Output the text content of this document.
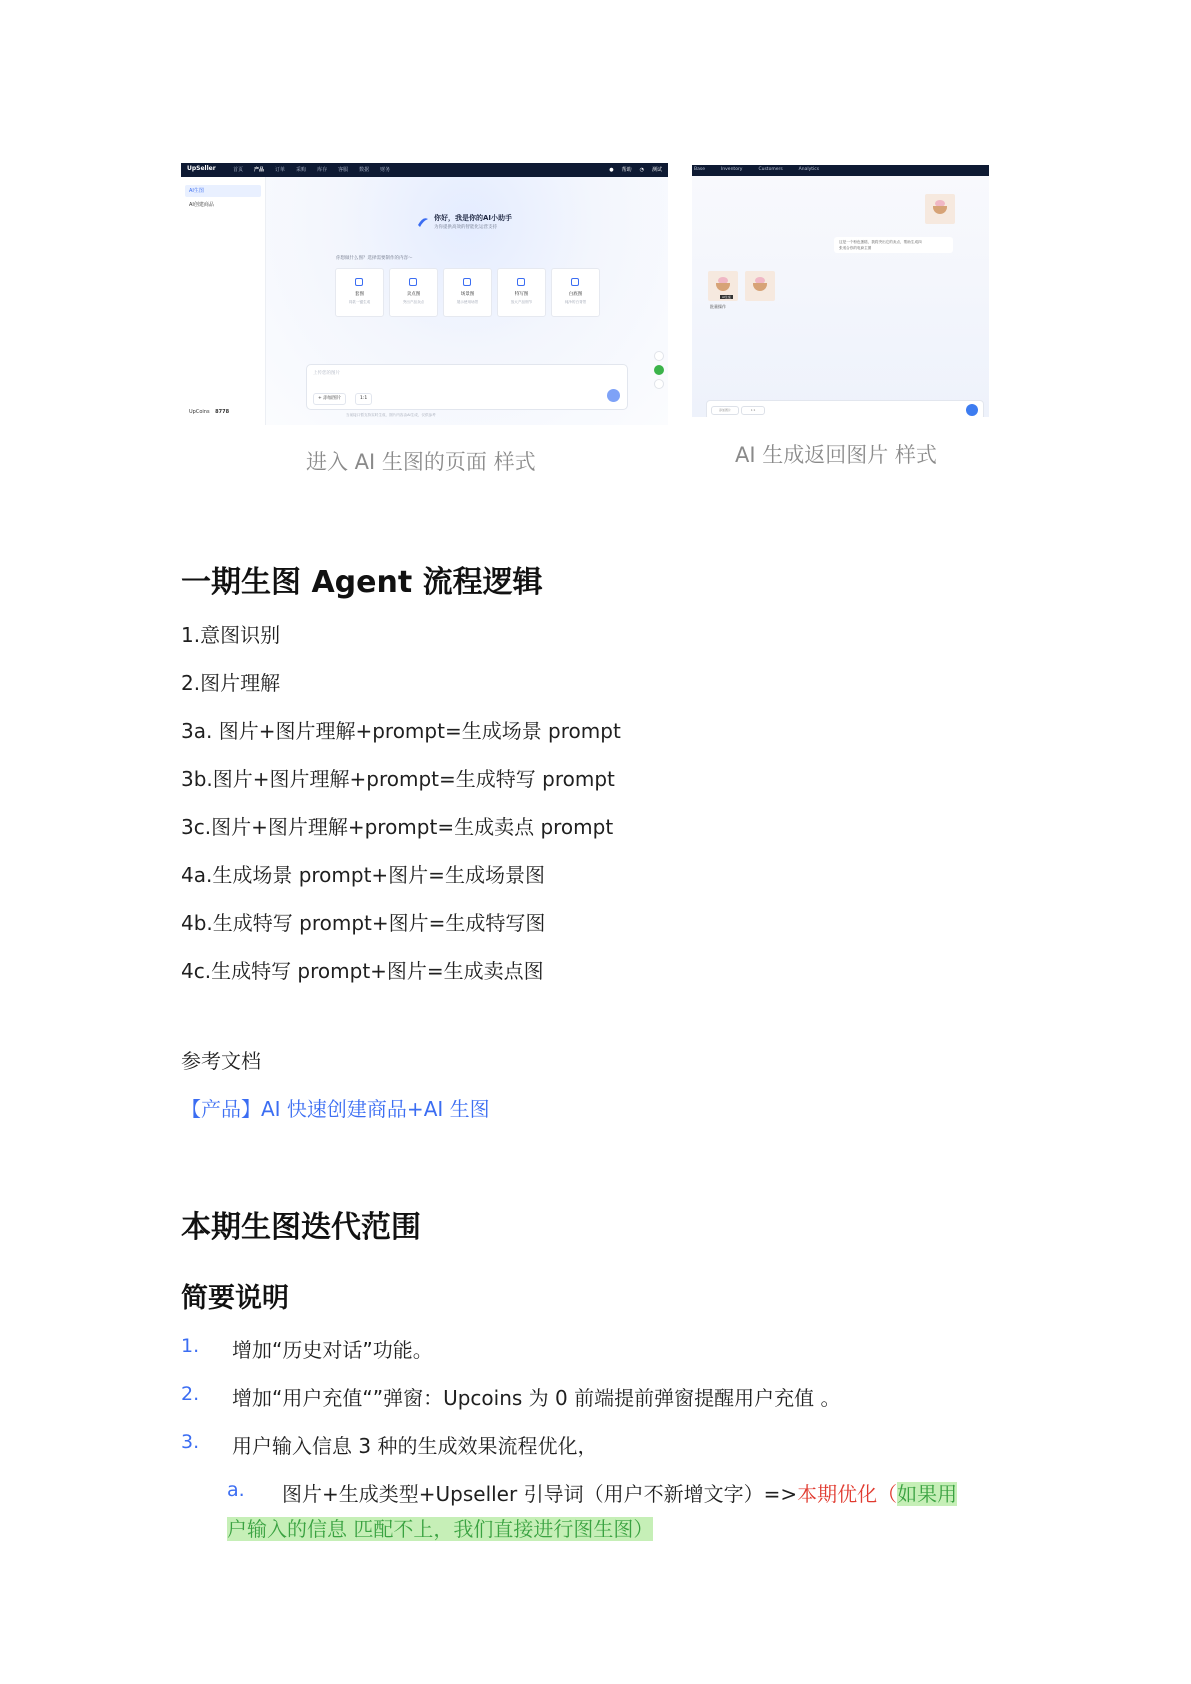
UpSeller	首页 产品 订单 采购 库存 客服 数据 财务	● 帮助 ◔ 测试
AI生图
AI创建商品
UpCoins 8778
你好，我是你的AI小助手
为你提供高效的智能化运营支持
你想做什么图？选择需要制作的内容～
套图
同款一键生成
卖点图
突出产品卖点
场景图
展示使用场景
特写图
放大产品细节
白底图
纯净的白背景
上传您的图片
+ 添加图片	1:1
当前接口暂支持实时生成，图片内容由AI生成，仅供参考
Base	Inventory	Customers	Analytics
这是一个粉色蛋糕，我将突出它的卖点，帮助生成四
张适合你的电商主图
AI生成
批量操作
添加图片	1:1
进入 AI 生图的页面 样式	AI 生成返回图片 样式
一期生图 Agent 流程逻辑
1.意图识别
2.图片理解
3a. 图片+图片理解+prompt=生成场景 prompt
3b.图片+图片理解+prompt=生成特写 prompt
3c.图片+图片理解+prompt=生成卖点 prompt
4a.生成场景 prompt+图片=生成场景图
4b.生成特写 prompt+图片=生成特写图
4c.生成特写 prompt+图片=生成卖点图
参考文档
【产品】AI 快速创建商品+AI 生图
本期生图迭代范围
简要说明
1. 增加“历史对话”功能。
2. 增加“用户充值“”弹窗：Upcoins 为 0 前端提前弹窗提醒用户充值 。
3. 用户输入信息 3 种的生成效果流程优化，
a. 图片+生成类型+Upseller 引导词（用户不新增文字）=>本期优化（如果用
户输入的信息 匹配不上，我们直接进行图生图）
